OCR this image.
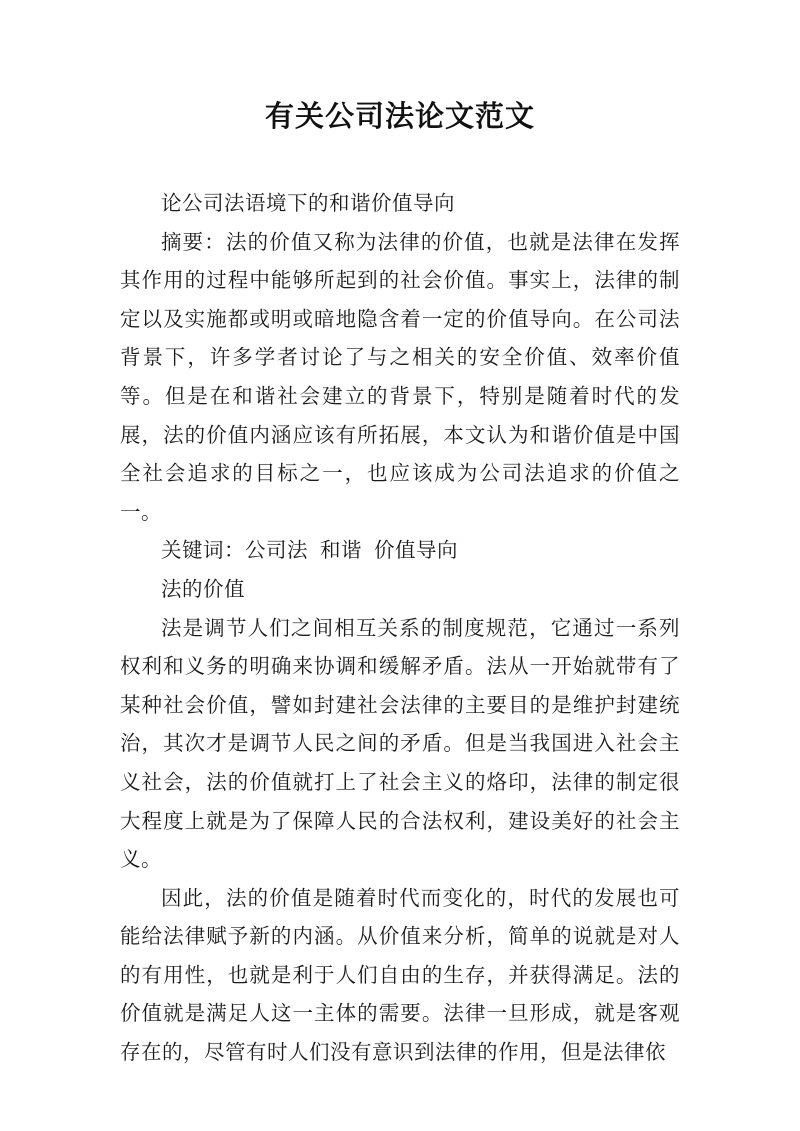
有关公司法论文范文

论公司法语境下的和谐价值导向

摘要：法的价值又称为法律的价值，也就是法律在发挥其作用的过程中能够所起到的社会价值。事实上，法律的制定以及实施都或明或暗地隐含着一定的价值导向。在公司法背景下，许多学者讨论了与之相关的安全价值、效率价值等。但是在和谐社会建立的背景下，特别是随着时代的发展，法的价值内涵应该有所拓展，本文认为和谐价值是中国全社会追求的目标之一，也应该成为公司法追求的价值之一。

关键词：公司法 和谐 价值导向

法的价值

法是调节人们之间相互关系的制度规范，它通过一系列权利和义务的明确来协调和缓解矛盾。法从一开始就带有了某种社会价值，譬如封建社会法律的主要目的是维护封建统治，其次才是调节人民之间的矛盾。但是当我国进入社会主义社会，法的价值就打上了社会主义的烙印，法律的制定很大程度上就是为了保障人民的合法权利，建设美好的社会主义。

因此，法的价值是随着时代而变化的，时代的发展也可能给法律赋予新的内涵。从价值来分析，简单的说就是对人的有用性，也就是利于人们自由的生存，并获得满足。法的价值就是满足人这一主体的需要。法律一旦形成，就是客观存在的，尽管有时人们没有意识到法律的作用，但是法律依
